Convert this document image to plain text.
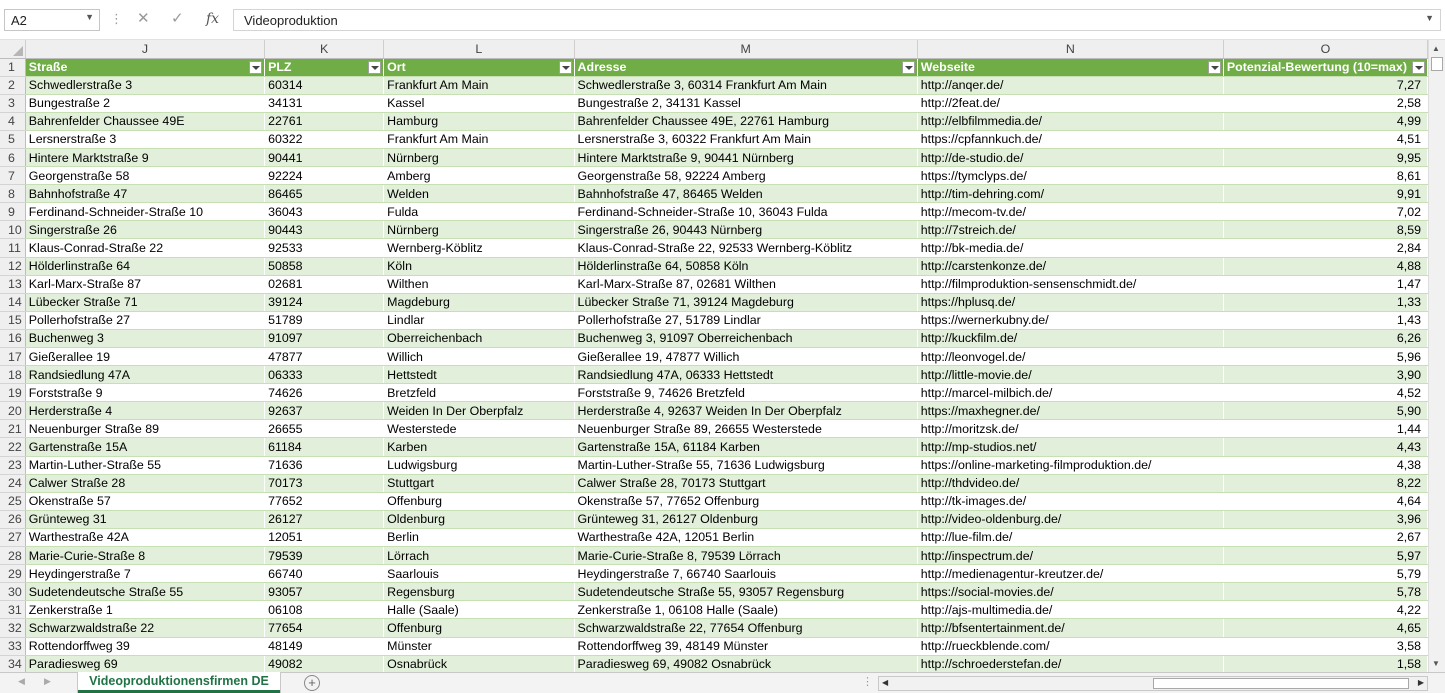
A2	▼ ⋮ ✕ ✓ fx	Videoproduktion	▼
	J	K	L	M	N	O
1	Straße	PLZ	Ort	Adresse	Webseite	Potenzial-Bewertung (10=max)

2	Schwedlerstraße 3	60314	Frankfurt Am Main	Schwedlerstraße 3, 60314 Frankfurt Am Main	http://anqer.de/	7,27
3	Bungestraße 2	34131	Kassel	Bungestraße 2, 34131 Kassel	http://2feat.de/	2,58
4	Bahrenfelder Chaussee 49E	22761	Hamburg	Bahrenfelder Chaussee 49E, 22761 Hamburg	http://elbfilmmedia.de/	4,99
5	Lersnerstraße 3	60322	Frankfurt Am Main	Lersnerstraße 3, 60322 Frankfurt Am Main	https://cpfannkuch.de/	4,51
6	Hintere Marktstraße 9	90441	Nürnberg	Hintere Marktstraße 9, 90441 Nürnberg	http://de-studio.de/	9,95
7	Georgenstraße 58	92224	Amberg	Georgenstraße 58, 92224 Amberg	https://tymclyps.de/	8,61
8	Bahnhofstraße 47	86465	Welden	Bahnhofstraße 47, 86465 Welden	http://tim-dehring.com/	9,91
9	Ferdinand-Schneider-Straße 10	36043	Fulda	Ferdinand-Schneider-Straße 10, 36043 Fulda	http://mecom-tv.de/	7,02
10	Singerstraße 26	90443	Nürnberg	Singerstraße 26, 90443 Nürnberg	http://7streich.de/	8,59
11	Klaus-Conrad-Straße 22	92533	Wernberg-Köblitz	Klaus-Conrad-Straße 22, 92533 Wernberg-Köblitz	http://bk-media.de/	2,84
12	Hölderlinstraße 64	50858	Köln	Hölderlinstraße 64, 50858 Köln	http://carstenkonze.de/	4,88
13	Karl-Marx-Straße 87	02681	Wilthen	Karl-Marx-Straße 87, 02681 Wilthen	http://filmproduktion-sensenschmidt.de/	1,47
14	Lübecker Straße 71	39124	Magdeburg	Lübecker Straße 71, 39124 Magdeburg	https://hplusq.de/	1,33
15	Pollerhofstraße 27	51789	Lindlar	Pollerhofstraße 27, 51789 Lindlar	https://wernerkubny.de/	1,43
16	Buchenweg 3	91097	Oberreichenbach	Buchenweg 3, 91097 Oberreichenbach	http://kuckfilm.de/	6,26
17	Gießerallee 19	47877	Willich	Gießerallee 19, 47877 Willich	http://leonvogel.de/	5,96
18	Randsiedlung 47A	06333	Hettstedt	Randsiedlung 47A, 06333 Hettstedt	http://little-movie.de/	3,90
19	Forststraße 9	74626	Bretzfeld	Forststraße 9, 74626 Bretzfeld	http://marcel-milbich.de/	4,52
20	Herderstraße 4	92637	Weiden In Der Oberpfalz	Herderstraße 4, 92637 Weiden In Der Oberpfalz	https://maxhegner.de/	5,90
21	Neuenburger Straße 89	26655	Westerstede	Neuenburger Straße 89, 26655 Westerstede	http://moritzsk.de/	1,44
22	Gartenstraße 15A	61184	Karben	Gartenstraße 15A, 61184 Karben	http://mp-studios.net/	4,43
23	Martin-Luther-Straße 55	71636	Ludwigsburg	Martin-Luther-Straße 55, 71636 Ludwigsburg	https://online-marketing-filmproduktion.de/	4,38
24	Calwer Straße 28	70173	Stuttgart	Calwer Straße 28, 70173 Stuttgart	http://thdvideo.de/	8,22
25	Okenstraße 57	77652	Offenburg	Okenstraße 57, 77652 Offenburg	http://tk-images.de/	4,64
26	Grünteweg 31	26127	Oldenburg	Grünteweg 31, 26127 Oldenburg	http://video-oldenburg.de/	3,96
27	Warthestraße 42A	12051	Berlin	Warthestraße 42A, 12051 Berlin	http://lue-film.de/	2,67
28	Marie-Curie-Straße 8	79539	Lörrach	Marie-Curie-Straße 8, 79539 Lörrach	http://inspectrum.de/	5,97
29	Heydingerstraße 7	66740	Saarlouis	Heydingerstraße 7, 66740 Saarlouis	http://medienagentur-kreutzer.de/	5,79
30	Sudetendeutsche Straße 55	93057	Regensburg	Sudetendeutsche Straße 55, 93057 Regensburg	https://social-movies.de/	5,78
31	Zenkerstraße 1	06108	Halle (Saale)	Zenkerstraße 1, 06108 Halle (Saale)	http://ajs-multimedia.de/	4,22
32	Schwarzwaldstraße 22	77654	Offenburg	Schwarzwaldstraße 22, 77654 Offenburg	http://bfsentertainment.de/	4,65
33	Rottendorffweg 39	48149	Münster	Rottendorffweg 39, 48149 Münster	http://rueckblende.com/	3,58
34	Paradiesweg 69	49082	Osnabrück	Paradiesweg 69, 49082 Osnabrück	http://schroederstefan.de/	1,58
▲
▼
◀ ▶	Videoproduktionensfirmen DE	+	⋮ ◀	▶
